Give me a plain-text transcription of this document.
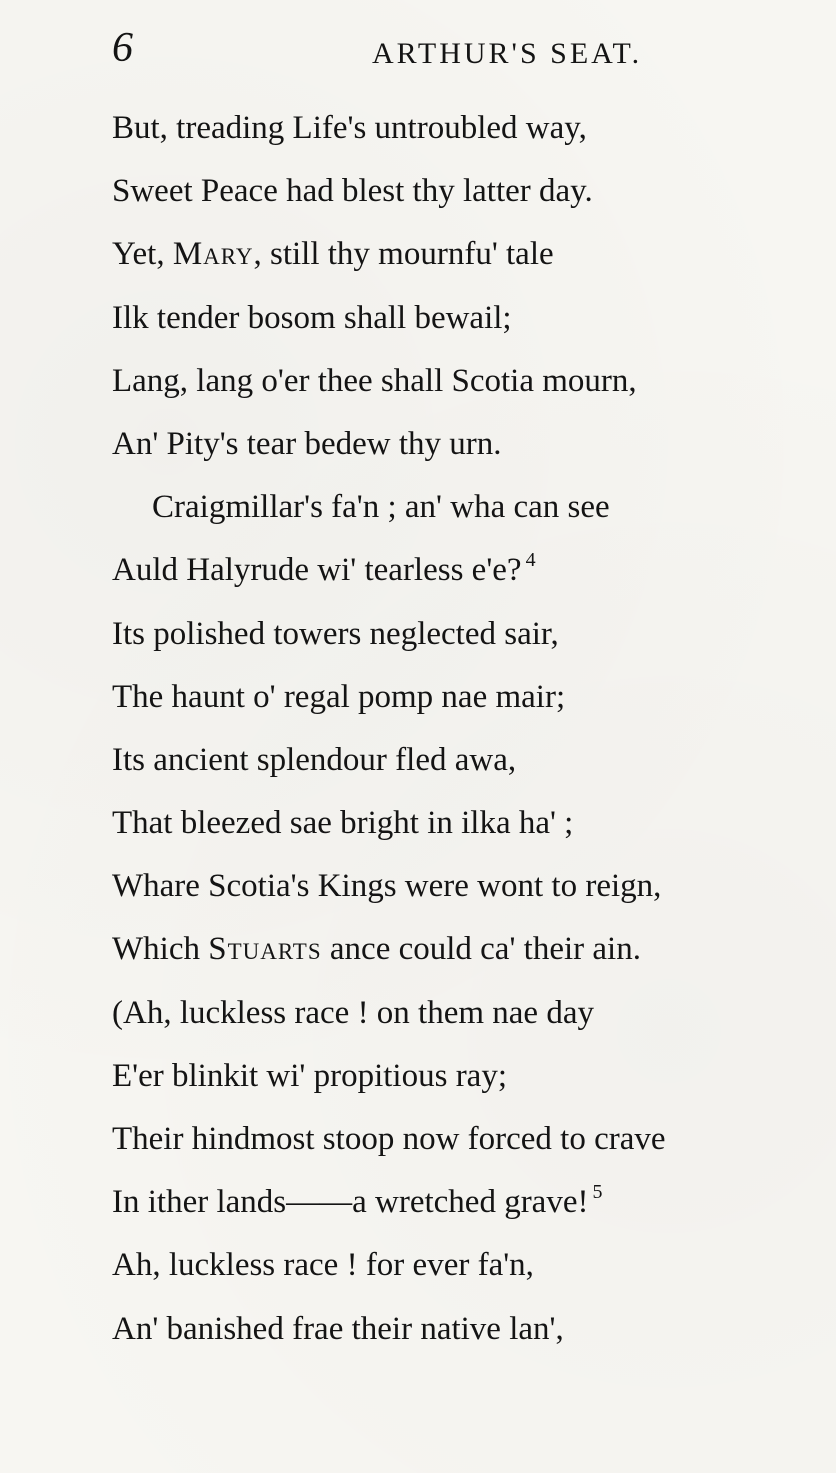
6	ARTHUR'S SEAT.
But, treading Life's untroubled way,
Sweet Peace had blest thy latter day.
Yet, Mary, still thy mournfu' tale
Ilk tender bosom shall bewail;
Lang, lang o'er thee shall Scotia mourn,
An' Pity's tear bedew thy urn.
Craigmillar's fa'n ; an' wha can see
Auld Halyrude wi' tearless e'e? $^4$
Its polished towers neglected sair,
The haunt o' regal pomp nae mair;
Its ancient splendour fled awa,
That bleezed sae bright in ilka ha' ;
Whare Scotia's Kings were wont to reign,
Which Stuarts ance could ca' their ain.
(Ah, luckless race ! on them nae day
E'er blinkit wi' propitious ray;
Their hindmost stoop now forced to crave
In ither lands——a wretched grave! $^5$
Ah, luckless race ! for ever fa'n,
An' banished frae their native lan',
